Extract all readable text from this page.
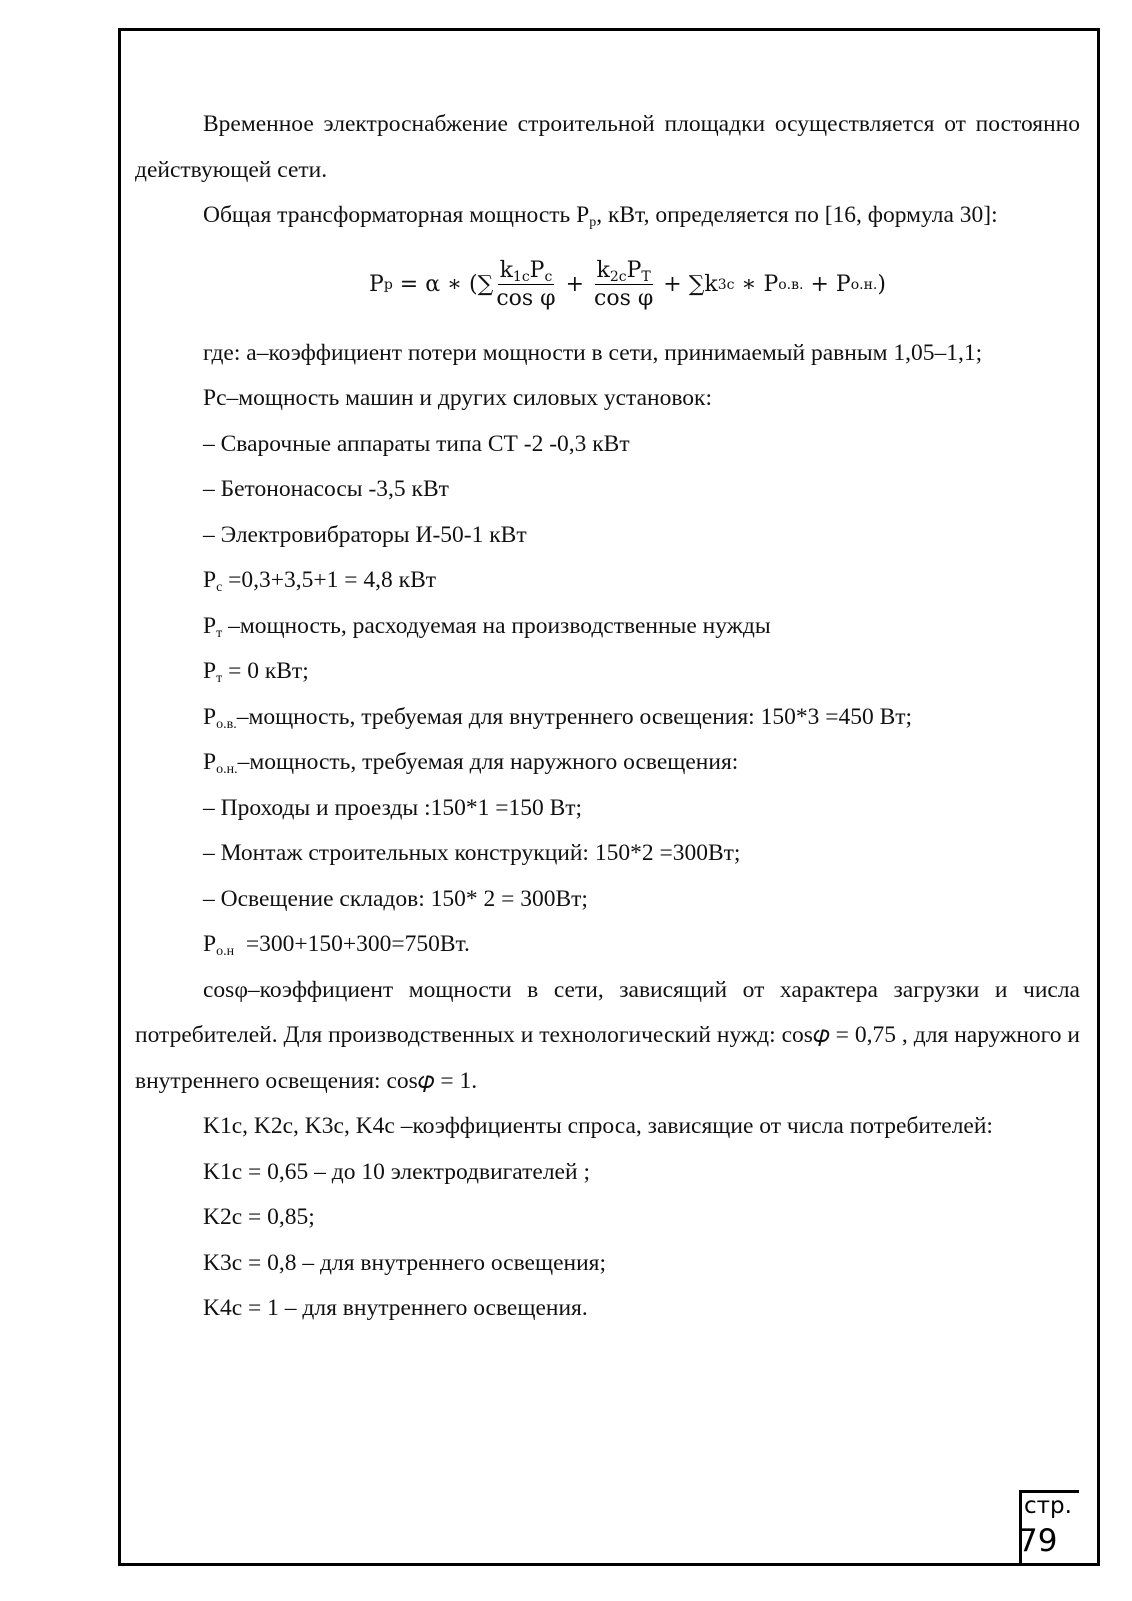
Временное электроснабжение строительной площадки осуществляется от постоянно действующей сети.

Общая трансформаторная мощность $P_р$, кВт, определяется по [16, формула 30]:

P р = α ∗ (∑ $\frac{\text{k1cPc}}{\text{cos φ}} + \frac{\text{k2cPT}}{\text{cos φ}} + \sum k$ 3c ∗ P о.в. + P о.н. )

где: a–коэффициент потери мощности в сети, принимаемый равным 1,05–1,1;

Pc–мощность машин и других силовых установок:
– Сварочные аппараты типа СТ -2 -0,3 кВт
– Бетононасосы -3,5 кВт
– Электровибраторы И-50-1 кВт
$P_с =0,3+3,5+1 = 4,8$ кВт
$P_т$ –мощность, расходуемая на производственные нужды
$P_т = 0$ кВт;
$P_{о.в.}$–мощность, требуемая для внутреннего освещения: 150*3 =450 Вт;
$P_{о.н.}$–мощность, требуемая для наружного освещения:
– Проходы и проезды :150*1 =150 Вт;
– Монтаж строительных конструкций: 150*2 =300Вт;
– Освещение складов: 150* 2 = 300Вт;
$P_{о.н} =300+150+300=750Вт$.

cosφ–коэффициент мощности в сети, зависящий от характера загрузки и числа потребителей. Для производственных и технологический нужд: cos𝜑 = 0,75 , для наружного и внутреннего освещения: cos𝜑 = 1.

K1c, K2c, K3c, K4c –коэффициенты спроса, зависящие от числа потребителей:

K1c = 0,65 – до 10 электродвигателей ;
K2c = 0,85;
K3c = 0,8 – для внутреннего освещения;
K4c = 1 – для внутреннего освещения.
стр.
79
